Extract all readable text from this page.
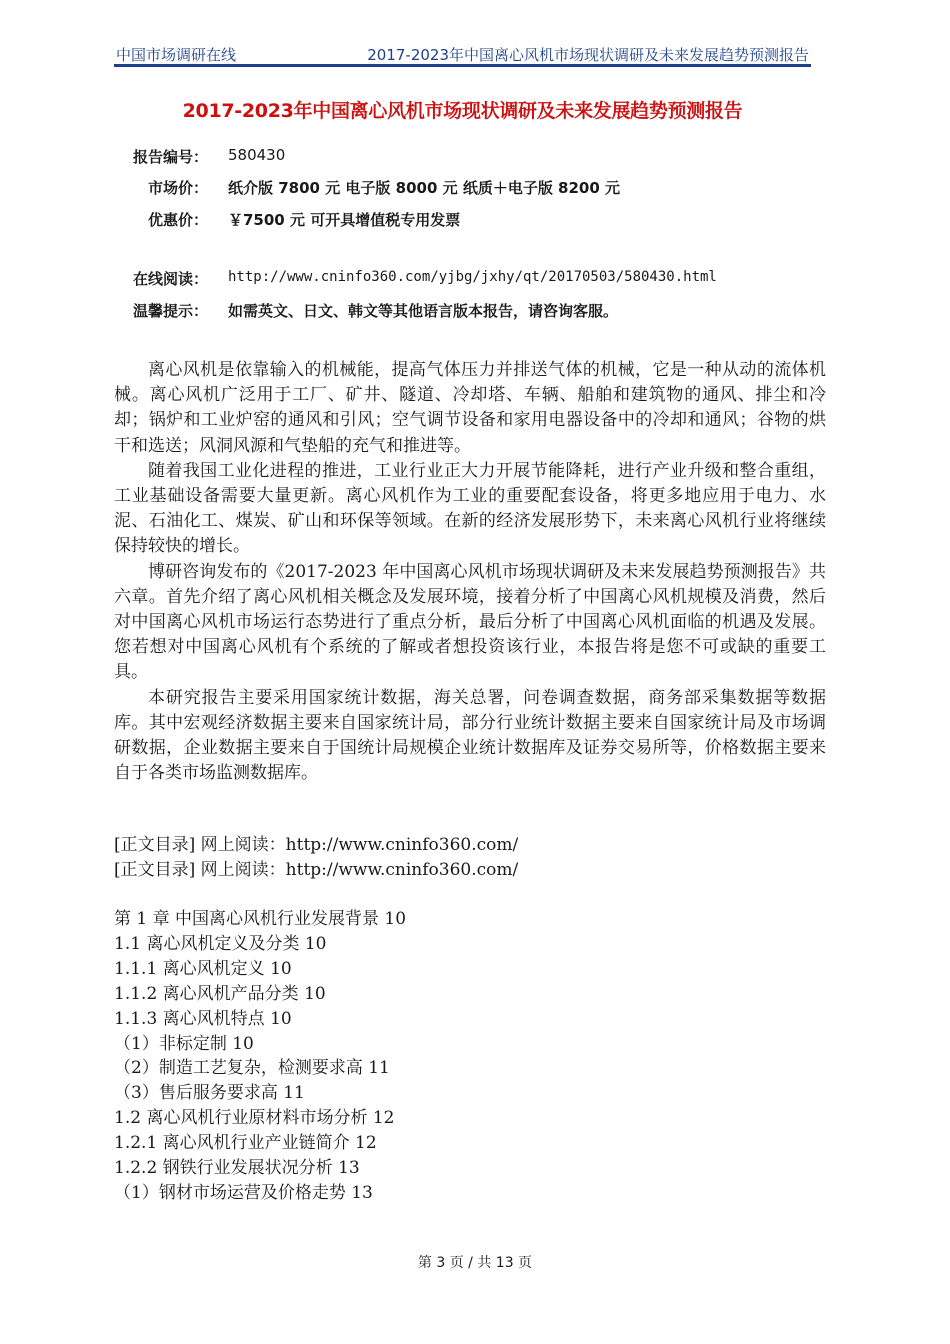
中国市场调研在线	2017-2023年中国离心风机市场现状调研及未来发展趋势预测报告
2017-2023年中国离心风机市场现状调研及未来发展趋势预测报告
报告编号： 580430
市场价： 纸介版 7800 元 电子版 8000 元 纸质＋电子版 8200 元
优惠价： ￥7500 元 可开具增值税专用发票
在线阅读： http://www.cninfo360.com/yjbg/jxhy/qt/20170503/580430.html
温馨提示： 如需英文、日文、韩文等其他语言版本报告，请咨询客服。

离心风机是依靠输入的机械能，提高气体压力并排送气体的机械，它是一种从动的流体机械。离心风机广泛用于工厂、矿井、隧道、冷却塔、车辆、船舶和建筑物的通风、排尘和冷却；锅炉和工业炉窑的通风和引风；空气调节设备和家用电器设备中的冷却和通风；谷物的烘干和选送；风洞风源和气垫船的充气和推进等。

随着我国工业化进程的推进，工业行业正大力开展节能降耗，进行产业升级和整合重组，工业基础设备需要大量更新。离心风机作为工业的重要配套设备，将更多地应用于电力、水泥、石油化工、煤炭、矿山和环保等领域。在新的经济发展形势下，未来离心风机行业将继续保持较快的增长。

博研咨询发布的《2017-2023 年中国离心风机市场现状调研及未来发展趋势预测报告》共六章。首先介绍了离心风机相关概念及发展环境，接着分析了中国离心风机规模及消费，然后对中国离心风机市场运行态势进行了重点分析，最后分析了中国离心风机面临的机遇及发展。您若想对中国离心风机有个系统的了解或者想投资该行业，本报告将是您不可或缺的重要工具。

本研究报告主要采用国家统计数据，海关总署，问卷调查数据，商务部采集数据等数据库。其中宏观经济数据主要来自国家统计局，部分行业统计数据主要来自国家统计局及市场调研数据，企业数据主要来自于国统计局规模企业统计数据库及证券交易所等，价格数据主要来自于各类市场监测数据库。

[正文目录] 网上阅读：http://www.cninfo360.com/
[正文目录] 网上阅读：http://www.cninfo360.com/
第 1 章 中国离心风机行业发展背景 10
1.1 离心风机定义及分类 10
1.1.1 离心风机定义 10
1.1.2 离心风机产品分类 10
1.1.3 离心风机特点 10
（1）非标定制 10
（2）制造工艺复杂，检测要求高 11
（3）售后服务要求高 11
1.2 离心风机行业原材料市场分析 12
1.2.1 离心风机行业产业链简介 12
1.2.2 钢铁行业发展状况分析 13
（1）钢材市场运营及价格走势 13
第 3 页 / 共 13 页
